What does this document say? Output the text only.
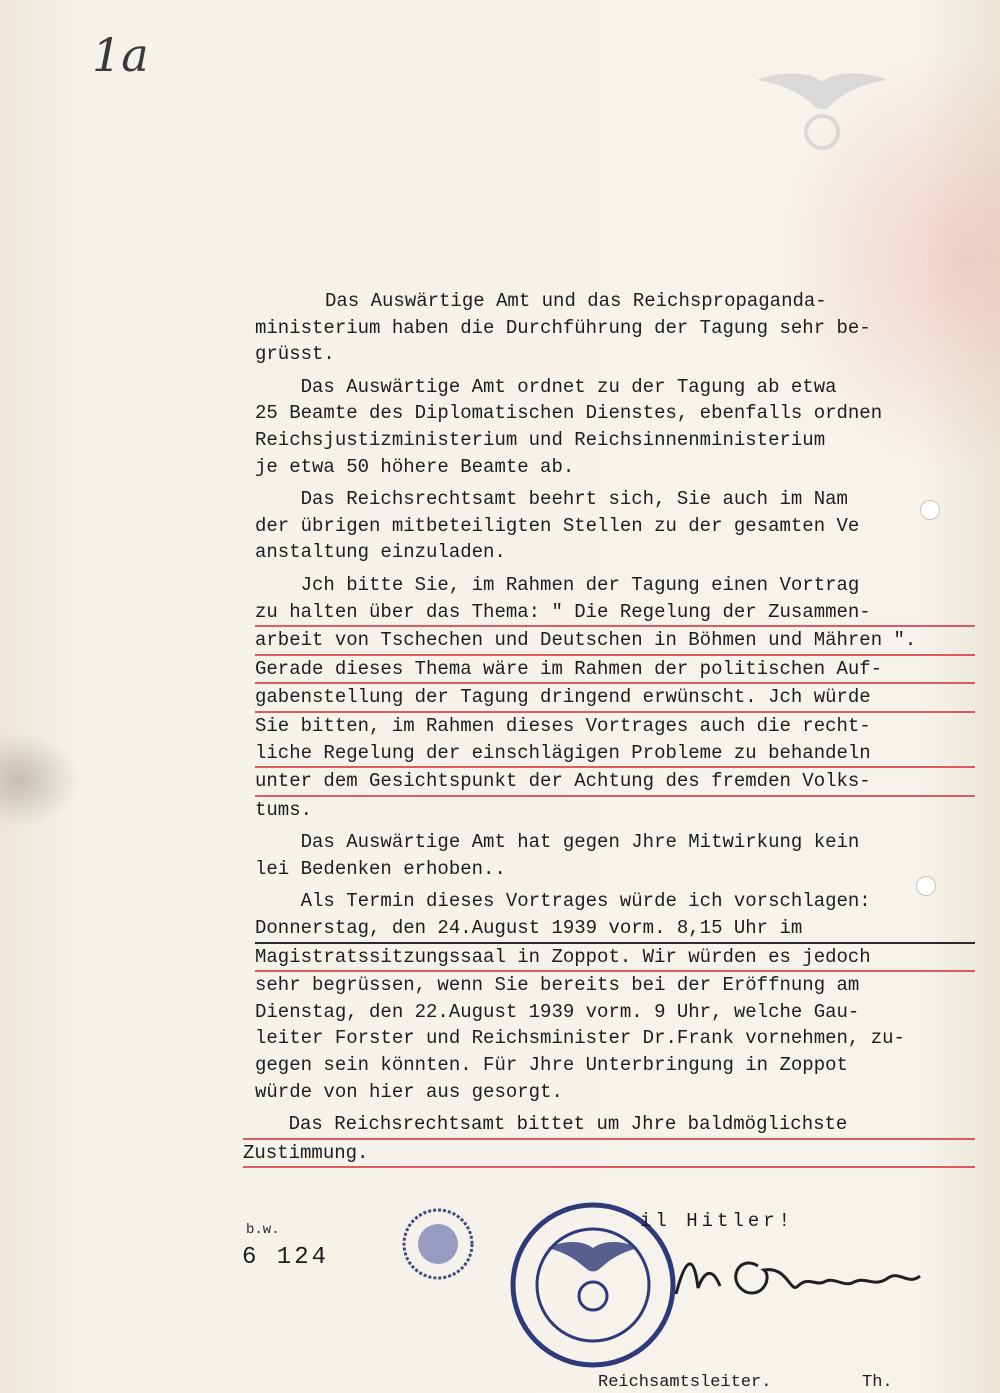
1a
Das Auswärtige Amt und das Reichspropaganda-
ministerium haben die Durchführung der Tagung sehr be-
grüsst.
Das Auswärtige Amt ordnet zu der Tagung ab etwa
25 Beamte des Diplomatischen Dienstes, ebenfalls ordnen
Reichsjustizministerium und Reichsinnenministerium
je etwa 50 höhere Beamte ab.
Das Reichsrechtsamt beehrt sich, Sie auch im Nam
der übrigen mitbeteiligten Stellen zu der gesamten Ve
anstaltung einzuladen.
Jch bitte Sie, im Rahmen der Tagung einen Vortrag
zu halten über das Thema: " Die Regelung der Zusammen-
arbeit von Tschechen und Deutschen in Böhmen und Mähren ".
Gerade dieses Thema wäre im Rahmen der politischen Auf-
gabenstellung der Tagung dringend erwünscht. Jch würde
Sie bitten, im Rahmen dieses Vortrages auch die recht-
liche Regelung der einschlägigen Probleme zu behandeln
unter dem Gesichtspunkt der Achtung des fremden Volks-
tums.
Das Auswärtige Amt hat gegen Jhre Mitwirkung kein
lei Bedenken erhoben..
Als Termin dieses Vortrages würde ich vorschlagen:
Donnerstag, den 24.August 1939 vorm. 8,15 Uhr im
Magistratssitzungssaal in Zoppot. Wir würden es jedoch
sehr begrüssen, wenn Sie bereits bei der Eröffnung am
Dienstag, den 22.August 1939 vorm. 9 Uhr, welche Gau-
leiter Forster und Reichsminister Dr.Frank vornehmen, zu-
gegen sein könnten. Für Jhre Unterbringung in Zoppot
würde von hier aus gesorgt.
Das Reichsrechtsamt bittet um Jhre baldmöglichste
Zustimmung.
b.w.
6 124
il Hitler!
Reichsamtsleiter.	Th.
